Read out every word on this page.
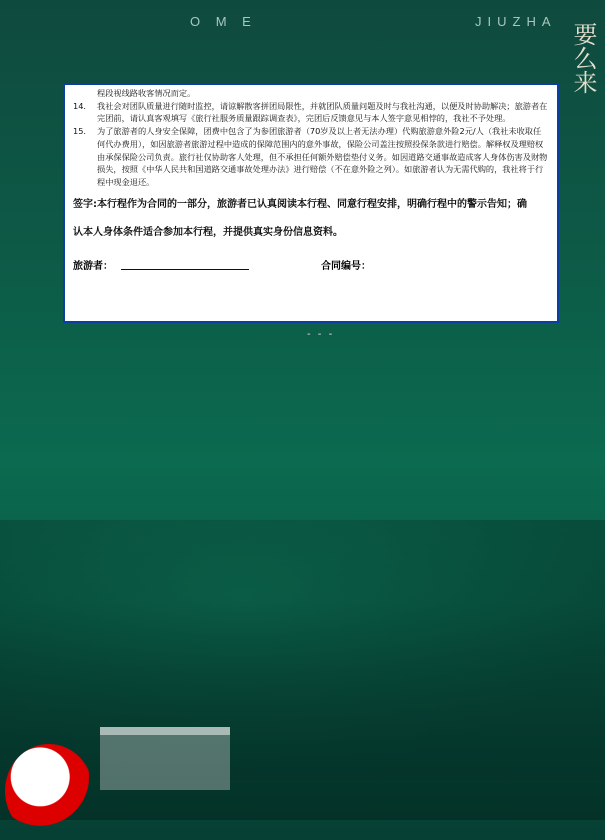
O M E	JIUZHA
要么来
程段视线路收客情况而定。
14.	我社会对团队质量进行随时监控，请谅解散客拼团局限性，并就团队质量问题及时与我社沟通，以便及时协助解决；旅游者在完团前，请认真客观填写《旅行社服务质量跟踪调查表》，完团后反馈意见与本人签字意见相悖的，我社不予处理。
15.	为了旅游者的人身安全保障，团费中包含了为参团旅游者（70岁及以上者无法办理）代购旅游意外险2元/人（我社未收取任何代办费用），如因旅游者旅游过程中造成的保障范围内的意外事故，保险公司盖注按照投保条款进行赔偿。解释权及理赔权由承保保险公司负责。旅行社仅协助客人处理，但不承担任何额外赔偿垫付义务。如因道路交通事故造成客人身体伤害及财物损失，按照《中华人民共和国道路交通事故处理办法》进行赔偿（不在意外险之列）。如旅游者认为无需代购的，我社将于行程中现金退还。
签字:本行程作为合同的一部分，旅游者已认真阅读本行程、同意行程安排，明确行程中的警示告知；确
认本人身体条件适合参加本行程，并提供真实身份信息资料。
旅游者：	合同编号：
- - -
